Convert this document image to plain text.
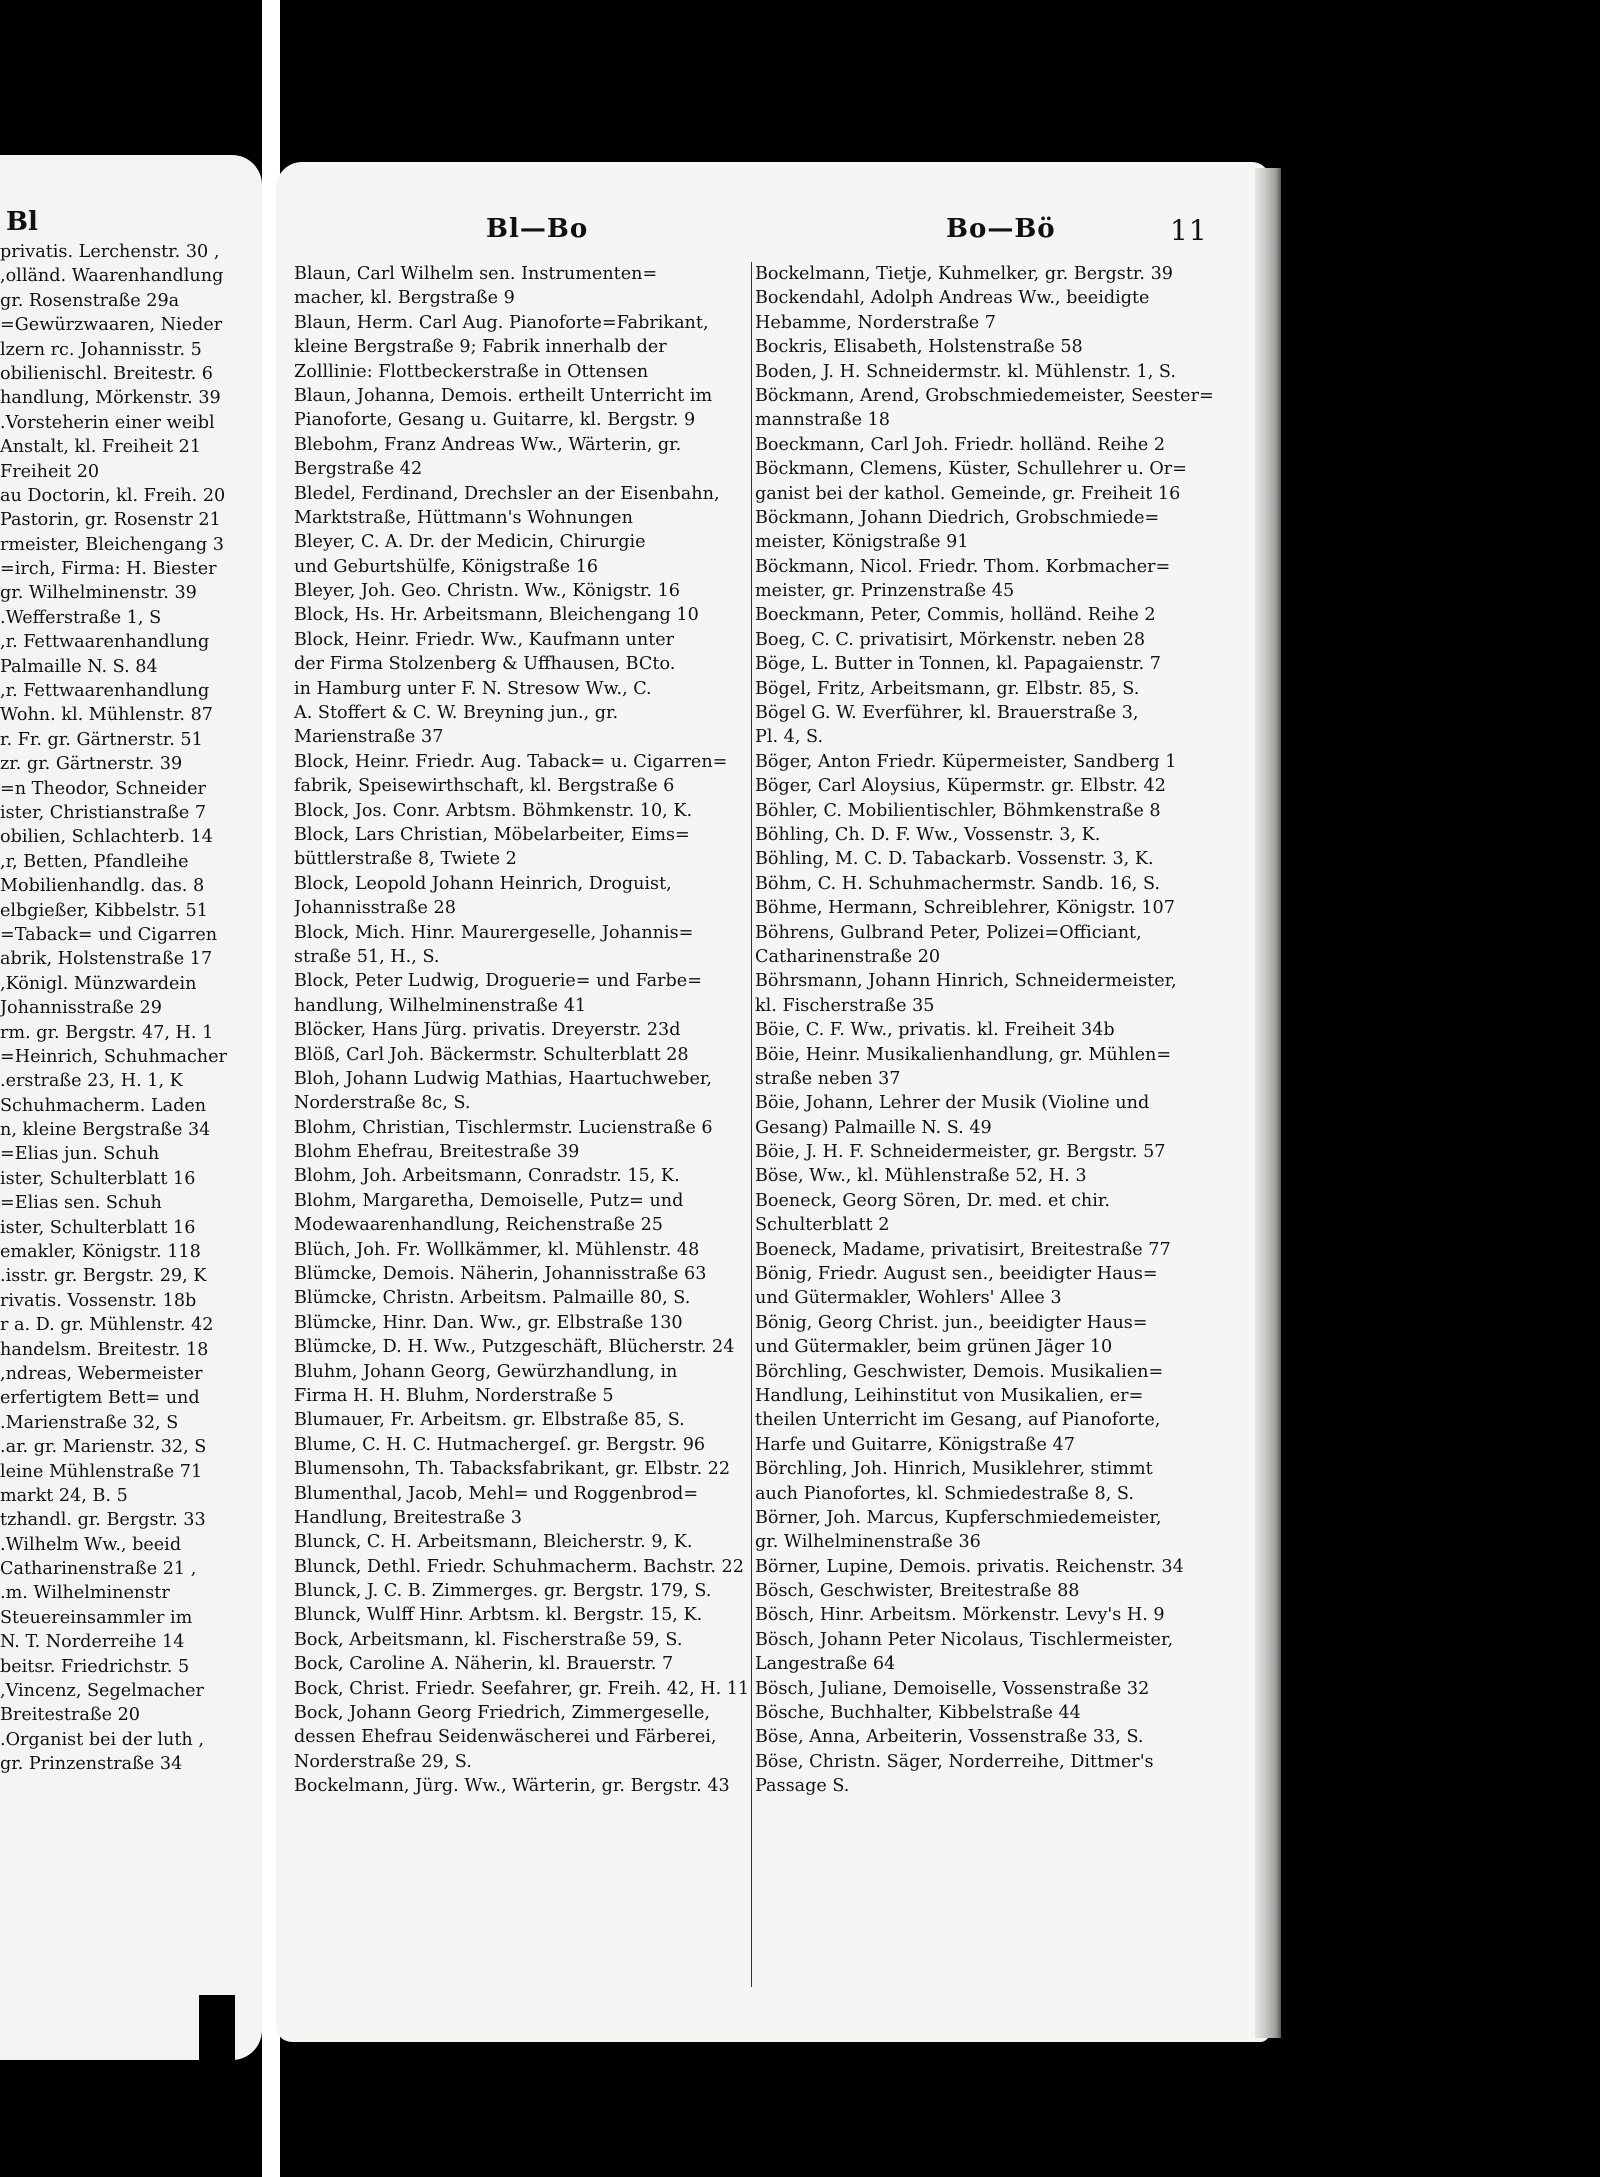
Bl
, privatis. Lerchenstr. 30
olländ. Waarenhandlung,
gr. Rosenstraße 29a
Gewürzwaaren, Nieder=
lzern rc. Johannisstr. 5
obilienischl. Breitestr. 6
handlung, Mörkenstr. 39
Vorsteherin einer weibl.
Anstalt, kl. Freiheit 21
Freiheit 20
au Doctorin, kl. Freih. 20
Pastorin, gr. Rosenstr 21
rmeister, Bleichengang 3
irch, Firma: H. Biester=
gr. Wilhelminenstr. 39
Wefferstraße 1, S.
r. Fettwaarenhandlung,
Palmaille N. S. 84
r. Fettwaarenhandlung,
Wohn. kl. Mühlenstr. 87
r. Fr. gr. Gärtnerstr. 51
zr. gr. Gärtnerstr. 39
n Theodor, Schneider=
ister, Christianstraße 7
obilien, Schlachterb. 14
r, Betten, Pfandleihe,
Mobilienhandlg. das. 8
elbgießer, Kibbelstr. 51
Taback= und Cigarren=
abrik, Holstenstraße 17
Königl. Münzwardein,
Johannisstraße 29
rm. gr. Bergstr. 47, H. 1
Heinrich, Schuhmacher=
erstraße 23, H. 1, K.
Schuhmacherm. Laden
n, kleine Bergstraße 34
Elias jun. Schuh=
ister, Schulterblatt 16
Elias sen. Schuh=
ister, Schulterblatt 16
emakler, Königstr. 118
isstr. gr. Bergstr. 29, K.
rivatis. Vossenstr. 18b
r a. D. gr. Mühlenstr. 42
handelsm. Breitestr. 18
ndreas, Webermeister,
erfertigtem Bett= und
Marienstraße 32, S.
ar. gr. Marienstr. 32, S.
leine Mühlenstraße 71
markt 24, B. 5
tzhandl. gr. Bergstr. 33
Wilhelm Ww., beeid.
, Catharinenstraße 21
m. Wilhelminenstr.
Steuereinsammler im
N. T. Norderreihe 14
beitsr. Friedrichstr. 5
Vincenz, Segelmacher,
Breitestraße 20
, Organist bei der luth.
gr. Prinzenstraße 34
Bl—Bo	Bo—Bö	11
Blaun, Carl Wilhelm sen. Instrumenten=
macher, kl. Bergstraße 9
Blaun, Herm. Carl Aug. Pianoforte=Fabrikant,
kleine Bergstraße 9; Fabrik innerhalb der
Zolllinie: Flottbeckerstraße in Ottensen
Blaun, Johanna, Demois. ertheilt Unterricht im
Pianoforte, Gesang u. Guitarre, kl. Bergstr. 9
Blebohm, Franz Andreas Ww., Wärterin, gr.
Bergstraße 42
Bledel, Ferdinand, Drechsler an der Eisenbahn,
Marktstraße, Hüttmann's Wohnungen
Bleyer, C. A. Dr. der Medicin, Chirurgie
und Geburtshülfe, Königstraße 16
Bleyer, Joh. Geo. Christn. Ww., Königstr. 16
Block, Hs. Hr. Arbeitsmann, Bleichengang 10
Block, Heinr. Friedr. Ww., Kaufmann unter
der Firma Stolzenberg & Uffhausen, BCto.
in Hamburg unter F. N. Stresow Ww., C.
A. Stoffert & C. W. Breyning jun., gr.
Marienstraße 37
Block, Heinr. Friedr. Aug. Taback= u. Cigarren=
fabrik, Speisewirthschaft, kl. Bergstraße 6
Block, Jos. Conr. Arbtsm. Böhmkenstr. 10, K.
Block, Lars Christian, Möbelarbeiter, Eims=
büttlerstraße 8, Twiete 2
Block, Leopold Johann Heinrich, Droguist,
Johannisstraße 28
Block, Mich. Hinr. Maurergeselle, Johannis=
straße 51, H., S.
Block, Peter Ludwig, Droguerie= und Farbe=
handlung, Wilhelminenstraße 41
Blöcker, Hans Jürg. privatis. Dreyerstr. 23d
Blöß, Carl Joh. Bäckermstr. Schulterblatt 28
Bloh, Johann Ludwig Mathias, Haartuchweber,
Norderstraße 8c, S.
Blohm, Christian, Tischlermstr. Lucienstraße 6
Blohm Ehefrau, Breitestraße 39
Blohm, Joh. Arbeitsmann, Conradstr. 15, K.
Blohm, Margaretha, Demoiselle, Putz= und
Modewaarenhandlung, Reichenstraße 25
Blüch, Joh. Fr. Wollkämmer, kl. Mühlenstr. 48
Blümcke, Demois. Näherin, Johannisstraße 63
Blümcke, Christn. Arbeitsm. Palmaille 80, S.
Blümcke, Hinr. Dan. Ww., gr. Elbstraße 130
Blümcke, D. H. Ww., Putzgeschäft, Blücherstr. 24
Bluhm, Johann Georg, Gewürzhandlung, in
Firma H. H. Bluhm, Norderstraße 5
Blumauer, Fr. Arbeitsm. gr. Elbstraße 85, S.
Blume, C. H. C. Hutmachergeſ. gr. Bergstr. 96
Blumensohn, Th. Tabacksfabrikant, gr. Elbstr. 22
Blumenthal, Jacob, Mehl= und Roggenbrod=
Handlung, Breitestraße 3
Blunck, C. H. Arbeitsmann, Bleicherstr. 9, K.
Blunck, Dethl. Friedr. Schuhmacherm. Bachstr. 22
Blunck, J. C. B. Zimmerges. gr. Bergstr. 179, S.
Blunck, Wulff Hinr. Arbtsm. kl. Bergstr. 15, K.
Bock, Arbeitsmann, kl. Fischerstraße 59, S.
Bock, Caroline A. Näherin, kl. Brauerstr. 7
Bock, Christ. Friedr. Seefahrer, gr. Freih. 42, H. 11
Bock, Johann Georg Friedrich, Zimmergeselle,
dessen Ehefrau Seidenwäscherei und Färberei,
Norderstraße 29, S.
Bockelmann, Jürg. Ww., Wärterin, gr. Bergstr. 43
Bockelmann, Tietje, Kuhmelker, gr. Bergstr. 39
Bockendahl, Adolph Andreas Ww., beeidigte
Hebamme, Norderstraße 7
Bockris, Elisabeth, Holstenstraße 58
Boden, J. H. Schneidermstr. kl. Mühlenstr. 1, S.
Böckmann, Arend, Grobschmiedemeister, Seester=
mannstraße 18
Boeckmann, Carl Joh. Friedr. holländ. Reihe 2
Böckmann, Clemens, Küster, Schullehrer u. Or=
ganist bei der kathol. Gemeinde, gr. Freiheit 16
Böckmann, Johann Diedrich, Grobschmiede=
meister, Königstraße 91
Böckmann, Nicol. Friedr. Thom. Korbmacher=
meister, gr. Prinzenstraße 45
Boeckmann, Peter, Commis, holländ. Reihe 2
Boeg, C. C. privatisirt, Mörkenstr. neben 28
Böge, L. Butter in Tonnen, kl. Papagaienstr. 7
Bögel, Fritz, Arbeitsmann, gr. Elbstr. 85, S.
Bögel G. W. Everführer, kl. Brauerstraße 3,
Pl. 4, S.
Böger, Anton Friedr. Küpermeister, Sandberg 1
Böger, Carl Aloysius, Küpermstr. gr. Elbstr. 42
Böhler, C. Mobilientischler, Böhmkenstraße 8
Böhling, Ch. D. F. Ww., Vossenstr. 3, K.
Böhling, M. C. D. Tabackarb. Vossenstr. 3, K.
Böhm, C. H. Schuhmachermstr. Sandb. 16, S.
Böhme, Hermann, Schreiblehrer, Königstr. 107
Böhrens, Gulbrand Peter, Polizei=Officiant,
Catharinenstraße 20
Böhrsmann, Johann Hinrich, Schneidermeister,
kl. Fischerstraße 35
Böie, C. F. Ww., privatis. kl. Freiheit 34b
Böie, Heinr. Musikalienhandlung, gr. Mühlen=
straße neben 37
Böie, Johann, Lehrer der Musik (Violine und
Gesang) Palmaille N. S. 49
Böie, J. H. F. Schneidermeister, gr. Bergstr. 57
Böse, Ww., kl. Mühlenstraße 52, H. 3
Boeneck, Georg Sören, Dr. med. et chir.
Schulterblatt 2
Boeneck, Madame, privatisirt, Breitestraße 77
Bönig, Friedr. August sen., beeidigter Haus=
und Gütermakler, Wohlers' Allee 3
Bönig, Georg Christ. jun., beeidigter Haus=
und Gütermakler, beim grünen Jäger 10
Börchling, Geschwister, Demois. Musikalien=
Handlung, Leihinstitut von Musikalien, er=
theilen Unterricht im Gesang, auf Pianoforte,
Harfe und Guitarre, Königstraße 47
Börchling, Joh. Hinrich, Musiklehrer, stimmt
auch Pianofortes, kl. Schmiedestraße 8, S.
Börner, Joh. Marcus, Kupferschmiedemeister,
gr. Wilhelminenstraße 36
Börner, Lupine, Demois. privatis. Reichenstr. 34
Bösch, Geschwister, Breitestraße 88
Bösch, Hinr. Arbeitsm. Mörkenstr. Levy's H. 9
Bösch, Johann Peter Nicolaus, Tischlermeister,
Langestraße 64
Bösch, Juliane, Demoiselle, Vossenstraße 32
Bösche, Buchhalter, Kibbelstraße 44
Böse, Anna, Arbeiterin, Vossenstraße 33, S.
Böse, Christn. Säger, Norderreihe, Dittmer's
Passage S.
